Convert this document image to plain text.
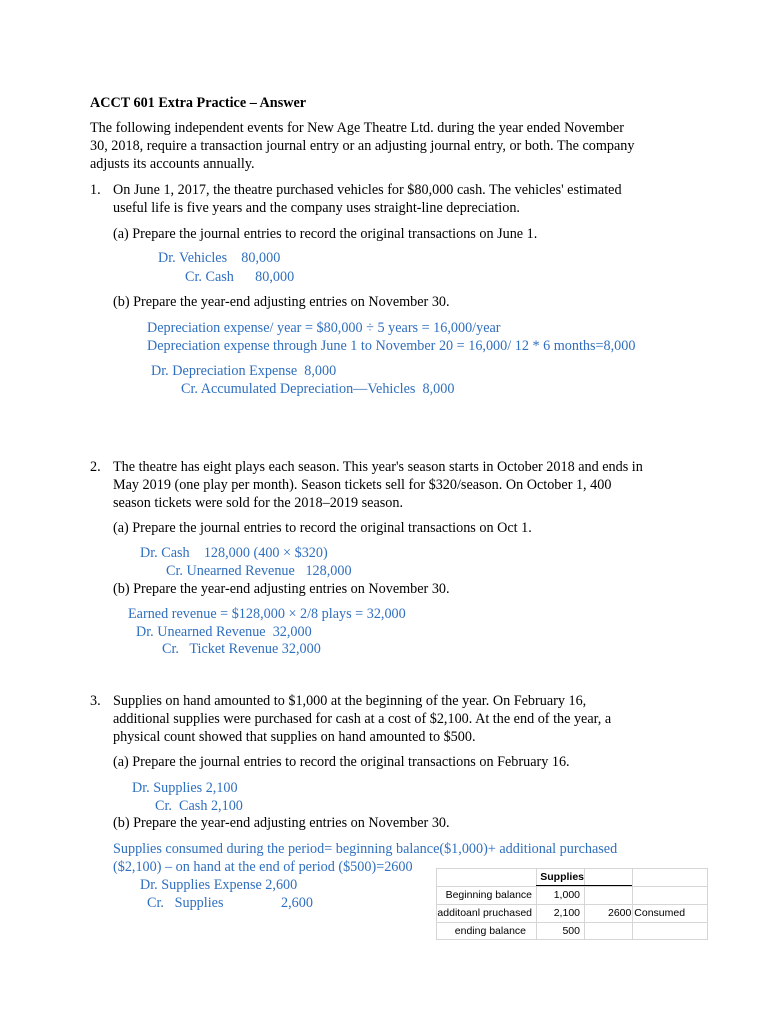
ACCT 601 Extra Practice – Answer
The following independent events for New Age Theatre Ltd. during the year ended November
30, 2018, require a transaction journal entry or an adjusting journal entry, or both. The company
adjusts its accounts annually.
1. On June 1, 2017, the theatre purchased vehicles for $80,000 cash. The vehicles' estimated
useful life is five years and the company uses straight-line depreciation.
(a) Prepare the journal entries to record the original transactions on June 1.
Dr. Vehicles    80,000
Cr. Cash      80,000
(b) Prepare the year-end adjusting entries on November 30.
Depreciation expense/ year = $80,000 ÷ 5 years = 16,000/year
Depreciation expense through June 1 to November 20 = 16,000/ 12 * 6 months=8,000
Dr. Depreciation Expense  8,000
Cr. Accumulated Depreciation—Vehicles  8,000
2. The theatre has eight plays each season. This year's season starts in October 2018 and ends in
May 2019 (one play per month). Season tickets sell for $320/season. On October 1, 400
season tickets were sold for the 2018–2019 season.
(a) Prepare the journal entries to record the original transactions on Oct 1.
Dr. Cash    128,000 (400 × $320)
Cr. Unearned Revenue   128,000
(b) Prepare the year-end adjusting entries on November 30.
Earned revenue = $128,000 × 2/8 plays = 32,000
Dr. Unearned Revenue  32,000
Cr.   Ticket Revenue 32,000
3. Supplies on hand amounted to $1,000 at the beginning of the year. On February 16,
additional supplies were purchased for cash at a cost of $2,100. At the end of the year, a
physical count showed that supplies on hand amounted to $500.
(a) Prepare the journal entries to record the original transactions on February 16.
Dr. Supplies 2,100
Cr.  Cash 2,100
(b) Prepare the year-end adjusting entries on November 30.
Supplies consumed during the period= beginning balance($1,000)+ additional purchased
($2,100) – on hand at the end of period ($500)=2600
Dr. Supplies Expense 2,600
Cr.   Supplies	2,600
Supplies
Beginning balance	1,000
additoanl pruchased	2,100	2600 Consumed
ending balance	500
